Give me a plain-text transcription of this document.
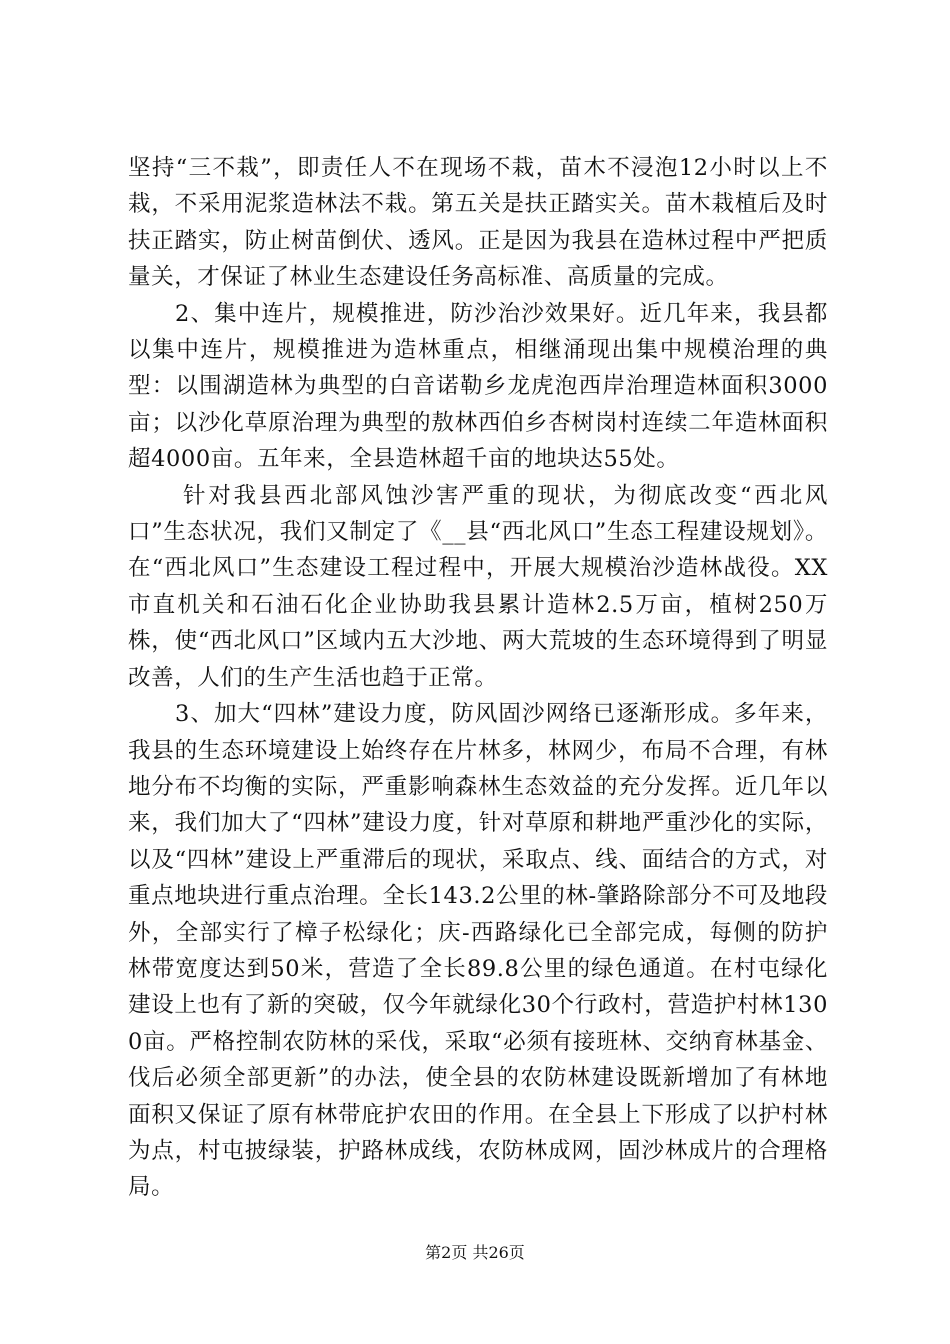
坚持“三不栽”，即责任人不在现场不栽，苗木不浸泡12小时以上不栽，不采用泥浆造林法不栽。第五关是扶正踏实关。苗木栽植后及时扶正踏实，防止树苗倒伏、透风。正是因为我县在造林过程中严把质量关，才保证了林业生态建设任务高标准、高质量的完成。

2、集中连片，规模推进，防沙治沙效果好。近几年来，我县都以集中连片，规模推进为造林重点，相继涌现出集中规模治理的典型：以围湖造林为典型的白音诺勒乡龙虎泡西岸治理造林面积3000亩；以沙化草原治理为典型的敖林西伯乡杏树岗村连续二年造林面积超4000亩。五年来，全县造林超千亩的地块达55处。

针对我县西北部风蚀沙害严重的现状，为彻底改变“西北风口”生态状况，我们又制定了《__县“西北风口”生态工程建设规划》。在“西北风口”生态建设工程过程中，开展大规模治沙造林战役。XX市直机关和石油石化企业协助我县累计造林2.5万亩，植树250万株，使“西北风口”区域内五大沙地、两大荒坡的生态环境得到了明显改善，人们的生产生活也趋于正常。

3、加大“四林”建设力度，防风固沙网络已逐渐形成。多年来，我县的生态环境建设上始终存在片林多，林网少，布局不合理，有林地分布不均衡的实际，严重影响森林生态效益的充分发挥。近几年以来，我们加大了“四林”建设力度，针对草原和耕地严重沙化的实际，以及“四林”建设上严重滞后的现状，采取点、线、面结合的方式，对重点地块进行重点治理。全长143.2公里的林-肇路除部分不可及地段外，全部实行了樟子松绿化；庆-西路绿化已全部完成，每侧的防护林带宽度达到50米，营造了全长89.8公里的绿色通道。在村屯绿化建设上也有了新的突破，仅今年就绿化30个行政村，营造护村林1300亩。严格控制农防林的采伐，采取“必须有接班林、交纳育林基金、伐后必须全部更新”的办法，使全县的农防林建设既新增加了有林地面积又保证了原有林带庇护农田的作用。在全县上下形成了以护村林为点，村屯披绿装，护路林成线，农防林成网，固沙林成片的合理格局。

第2页 共26页
